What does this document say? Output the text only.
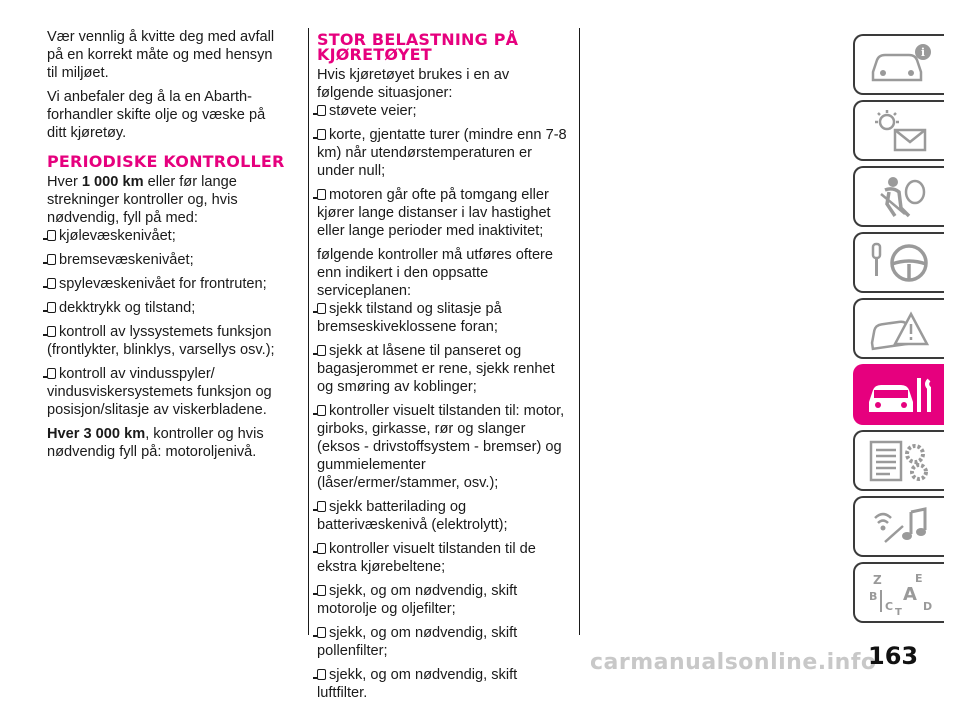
Vær vennlig å kvitte deg med avfall på en korrekt måte og med hensyn til miljøet.

Vi anbefaler deg å la en Abarth-forhandler skifte olje og væske på ditt kjøretøy.

PERIODISKE KONTROLLER

Hver 1 000 km eller før lange strekninger kontroller og, hvis nødvendig, fyll på med:

kjølevæskenivået;

bremsevæskenivået;

spylevæskenivået for frontruten;

dekktrykk og tilstand;

kontroll av lyssystemets funksjon (frontlykter, blinklys, varsellys osv.);

kontroll av vindusspyler/ vindusviskersystemets funksjon og posisjon/slitasje av viskerbladene.

Hver 3 000 km, kontroller og hvis nødvendig fyll på: motoroljenivå.

STOR BELASTNING PÅ KJØRETØYET

Hvis kjøretøyet brukes i en av følgende situasjoner:

støvete veier;

korte, gjentatte turer (mindre enn 7-8 km) når utendørstemperaturen er under null;

motoren går ofte på tomgang eller kjører lange distanser i lav hastighet eller lange perioder med inaktivitet;

følgende kontroller må utføres oftere enn indikert i den oppsatte serviceplanen:

sjekk tilstand og slitasje på bremseskiveklossene foran;

sjekk at låsene til panseret og bagasjerommet er rene, sjekk renhet og smøring av koblinger;

kontroller visuelt tilstanden til: motor, girboks, girkasse, rør og slanger (eksos - drivstoffsystem - bremser) og gummielementer (låser/ermer/stammer, osv.);

sjekk batterilading og batterivæskenivå (elektrolytt);

kontroller visuelt tilstanden til de ekstra kjørebeltene;

sjekk, og om nødvendig, skift motorolje og oljefilter;

sjekk, og om nødvendig, skift pollenfilter;

sjekk, og om nødvendig, skift luftfilter.

i
Z	E
B A
C	D
T
carmanualsonline.info
163
